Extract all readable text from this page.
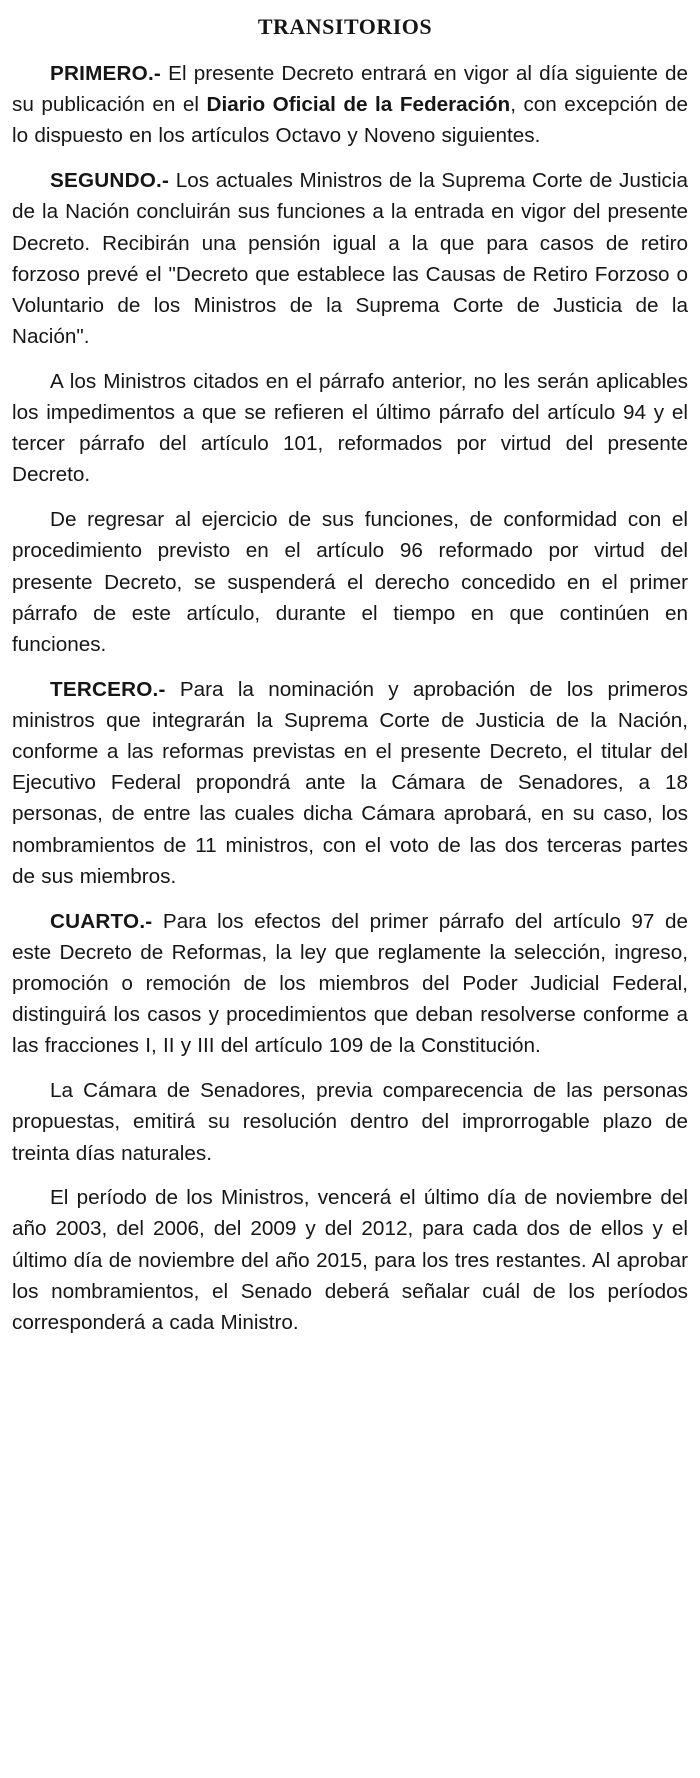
TRANSITORIOS

PRIMERO.- El presente Decreto entrará en vigor al día siguiente de su publicación en el Diario Oficial de la Federación, con excepción de lo dispuesto en los artículos Octavo y Noveno siguientes.

SEGUNDO.- Los actuales Ministros de la Suprema Corte de Justicia de la Nación concluirán sus funciones a la entrada en vigor del presente Decreto. Recibirán una pensión igual a la que para casos de retiro forzoso prevé el "Decreto que establece las Causas de Retiro Forzoso o Voluntario de los Ministros de la Suprema Corte de Justicia de la Nación".

A los Ministros citados en el párrafo anterior, no les serán aplicables los impedimentos a que se refieren el último párrafo del artículo 94 y el tercer párrafo del artículo 101, reformados por virtud del presente Decreto.

De regresar al ejercicio de sus funciones, de conformidad con el procedimiento previsto en el artículo 96 reformado por virtud del presente Decreto, se suspenderá el derecho concedido en el primer párrafo de este artículo, durante el tiempo en que continúen en funciones.

TERCERO.- Para la nominación y aprobación de los primeros ministros que integrarán la Suprema Corte de Justicia de la Nación, conforme a las reformas previstas en el presente Decreto, el titular del Ejecutivo Federal propondrá ante la Cámara de Senadores, a 18 personas, de entre las cuales dicha Cámara aprobará, en su caso, los nombramientos de 11 ministros, con el voto de las dos terceras partes de sus miembros.

CUARTO.- Para los efectos del primer párrafo del artículo 97 de este Decreto de Reformas, la ley que reglamente la selección, ingreso, promoción o remoción de los miembros del Poder Judicial Federal, distinguirá los casos y procedimientos que deban resolverse conforme a las fracciones I, II y III del artículo 109 de la Constitución.

La Cámara de Senadores, previa comparecencia de las personas propuestas, emitirá su resolución dentro del improrrogable plazo de treinta días naturales.

El período de los Ministros, vencerá el último día de noviembre del año 2003, del 2006, del 2009 y del 2012, para cada dos de ellos y el último día de noviembre del año 2015, para los tres restantes. Al aprobar los nombramientos, el Senado deberá señalar cuál de los períodos corresponderá a cada Ministro.
